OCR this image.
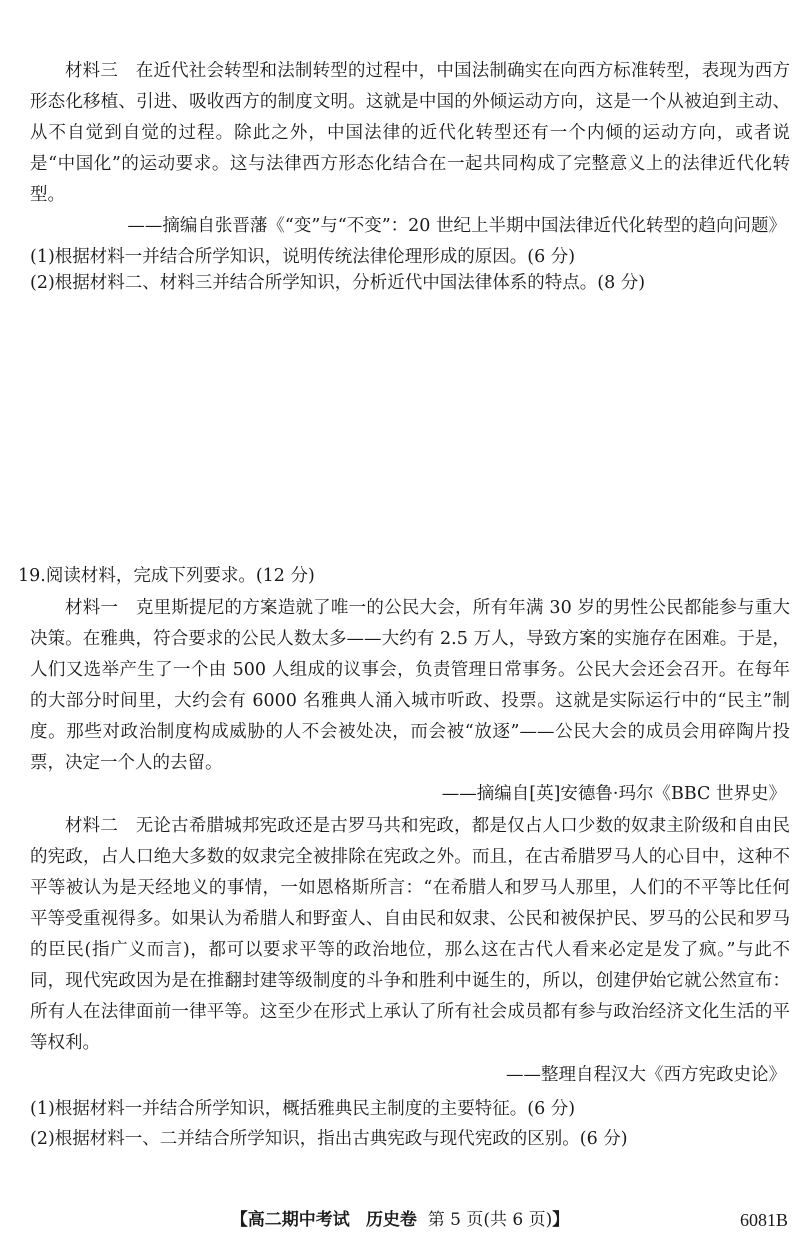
材料三　在近代社会转型和法制转型的过程中，中国法制确实在向西方标准转型，表现为西方形态化移植、引进、吸收西方的制度文明。这就是中国的外倾运动方向，这是一个从被迫到主动、从不自觉到自觉的过程。除此之外，中国法律的近代化转型还有一个内倾的运动方向，或者说是“中国化”的运动要求。这与法律西方形态化结合在一起共同构成了完整意义上的法律近代化转型。

——摘编自张晋藩《“变”与“不变”：20 世纪上半期中国法律近代化转型的趋向问题》

(1)根据材料一并结合所学知识，说明传统法律伦理形成的原因。(6 分)

(2)根据材料二、材料三并结合所学知识，分析近代中国法律体系的特点。(8 分)

19.阅读材料，完成下列要求。(12 分)

材料一　克里斯提尼的方案造就了唯一的公民大会，所有年满 30 岁的男性公民都能参与重大决策。在雅典，符合要求的公民人数太多——大约有 2.5 万人，导致方案的实施存在困难。于是，人们又选举产生了一个由 500 人组成的议事会，负责管理日常事务。公民大会还会召开。在每年的大部分时间里，大约会有 6000 名雅典人涌入城市听政、投票。这就是实际运行中的“民主”制度。那些对政治制度构成威胁的人不会被处决，而会被“放逐”——公民大会的成员会用碎陶片投票，决定一个人的去留。

——摘编自[英]安德鲁·玛尔《BBC 世界史》

材料二　无论古希腊城邦宪政还是古罗马共和宪政，都是仅占人口少数的奴隶主阶级和自由民的宪政，占人口绝大多数的奴隶完全被排除在宪政之外。而且，在古希腊罗马人的心目中，这种不平等被认为是天经地义的事情，一如恩格斯所言：“在希腊人和罗马人那里，人们的不平等比任何平等受重视得多。如果认为希腊人和野蛮人、自由民和奴隶、公民和被保护民、罗马的公民和罗马的臣民(指广义而言)，都可以要求平等的政治地位，那么这在古代人看来必定是发了疯。”与此不同，现代宪政因为是在推翻封建等级制度的斗争和胜利中诞生的，所以，创建伊始它就公然宣布：所有人在法律面前一律平等。这至少在形式上承认了所有社会成员都有参与政治经济文化生活的平等权利。

——整理自程汉大《西方宪政史论》

(1)根据材料一并结合所学知识，概括雅典民主制度的主要特征。(6 分)

(2)根据材料一、二并结合所学知识，指出古典宪政与现代宪政的区别。(6 分)

【高二期中考试 历史卷 第 5 页(共 6 页)】	6081B
